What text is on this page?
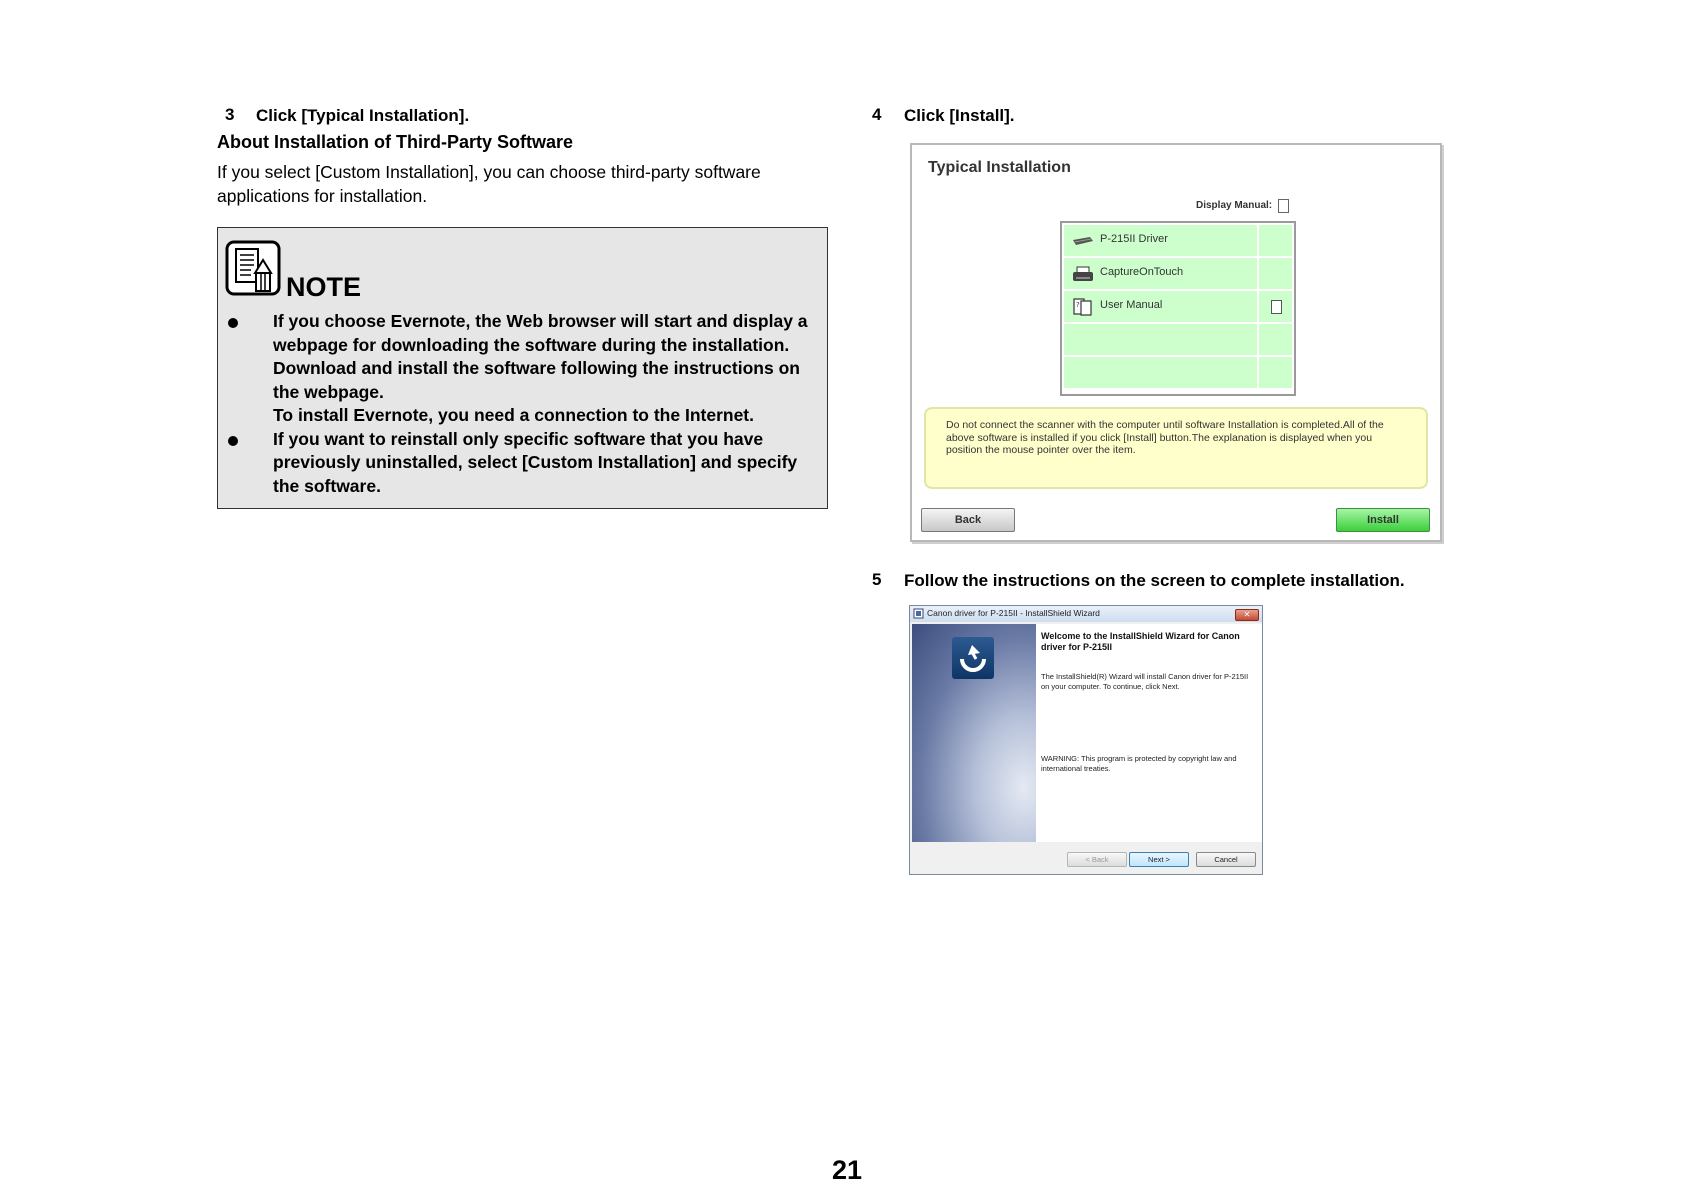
3 Click [Typical Installation].
About Installation of Third-Party Software
If you select [Custom Installation], you can choose third-party software applications for installation.
NOTE
If you choose Evernote, the Web browser will start and display a webpage for downloading the software during the installation. Download and install the software following the instructions on the webpage.
To install Evernote, you need a connection to the Internet.
If you want to reinstall only specific software that you have previously uninstalled, select [Custom Installation] and specify the software.
4 Click [Install].
Typical Installation
Display Manual:
P-215II Driver
CaptureOnTouch
? User Manual
Do not connect the scanner with the computer until software Installation is completed.All of the above software is installed if you click [Install] button.The explanation is displayed when you position the mouse pointer over the item.
Back	Install
5 Follow the instructions on the screen to complete installation.
Canon driver for P-215II - InstallShield Wizard	✕
Welcome to the InstallShield Wizard for Canon driver for P-215II
The InstallShield(R) Wizard will install Canon driver for P-215II on your computer. To continue, click Next.
WARNING: This program is protected by copyright law and international treaties.
< Back	Next >	Cancel
21
